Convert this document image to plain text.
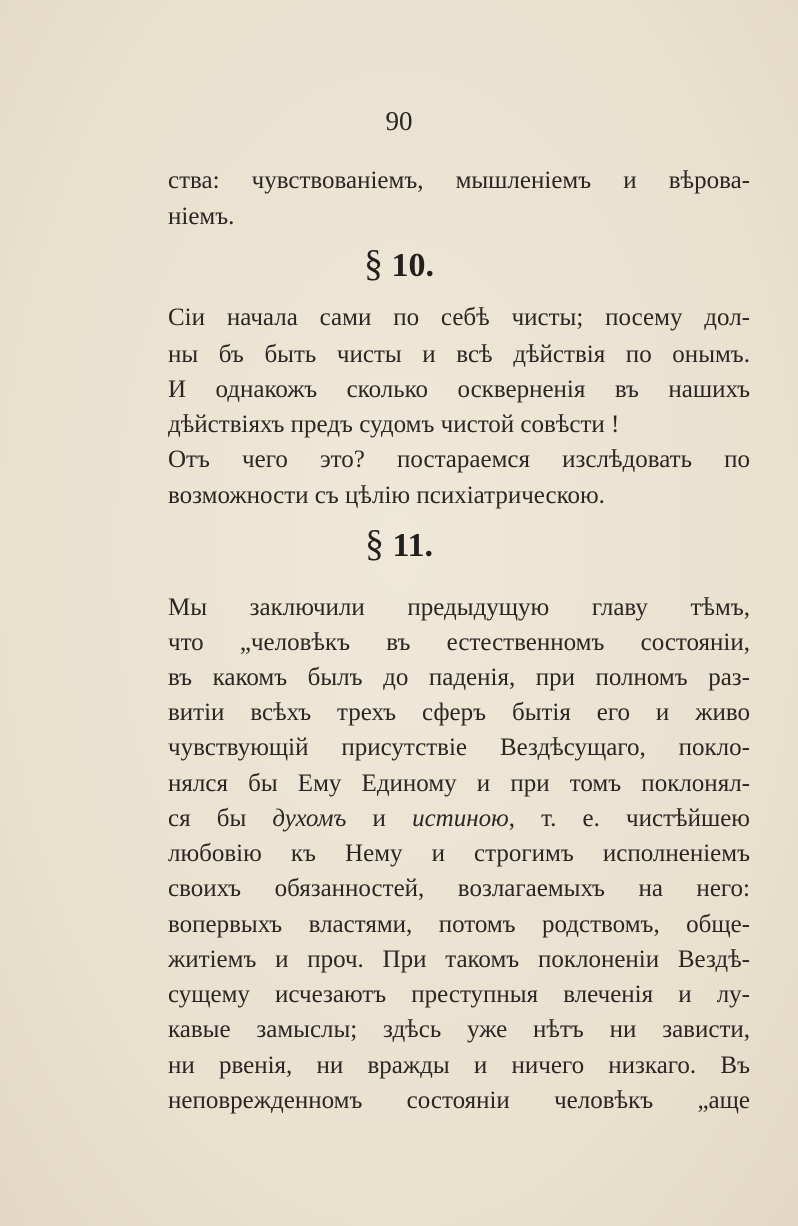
90

ства: чувствованіемъ, мышленіемъ и вѣрова-

ніемъ.

§ 10.

Сіи начала сами по себѣ чисты; посему дол-

ны бъ быть чисты и всѣ дѣйствія по онымъ.

И однакожъ сколько оскверненія въ нашихъ

дѣйствіяхъ предъ судомъ чистой совѣсти !

Отъ чего это? постараемся изслѣдовать по

возможности съ цѣлію психіатрическою.

§ 11.

Мы заключили предыдущую главу тѣмъ,

что „человѣкъ въ естественномъ состояніи,

въ какомъ былъ до паденія, при полномъ раз-

витіи всѣхъ трехъ сферъ бытія его и живо

чувствующій присутствіе Вездѣсущаго, покло-

нялся бы Ему Единому и при томъ поклонял-

ся бы духомъ и истиною, т. е. чистѣйшею

любовію къ Нему и строгимъ исполненіемъ

своихъ обязанностей, возлагаемыхъ на него:

вопервыхъ властями, потомъ родствомъ, обще-

житіемъ и проч. При такомъ поклоненіи Вездѣ-

сущему исчезаютъ преступныя влеченія и лу-

кавые замыслы; здѣсь уже нѣтъ ни зависти,

ни рвенія, ни вражды и ничего низкаго. Въ

неповрежденномъ состояніи человѣкъ „аще
